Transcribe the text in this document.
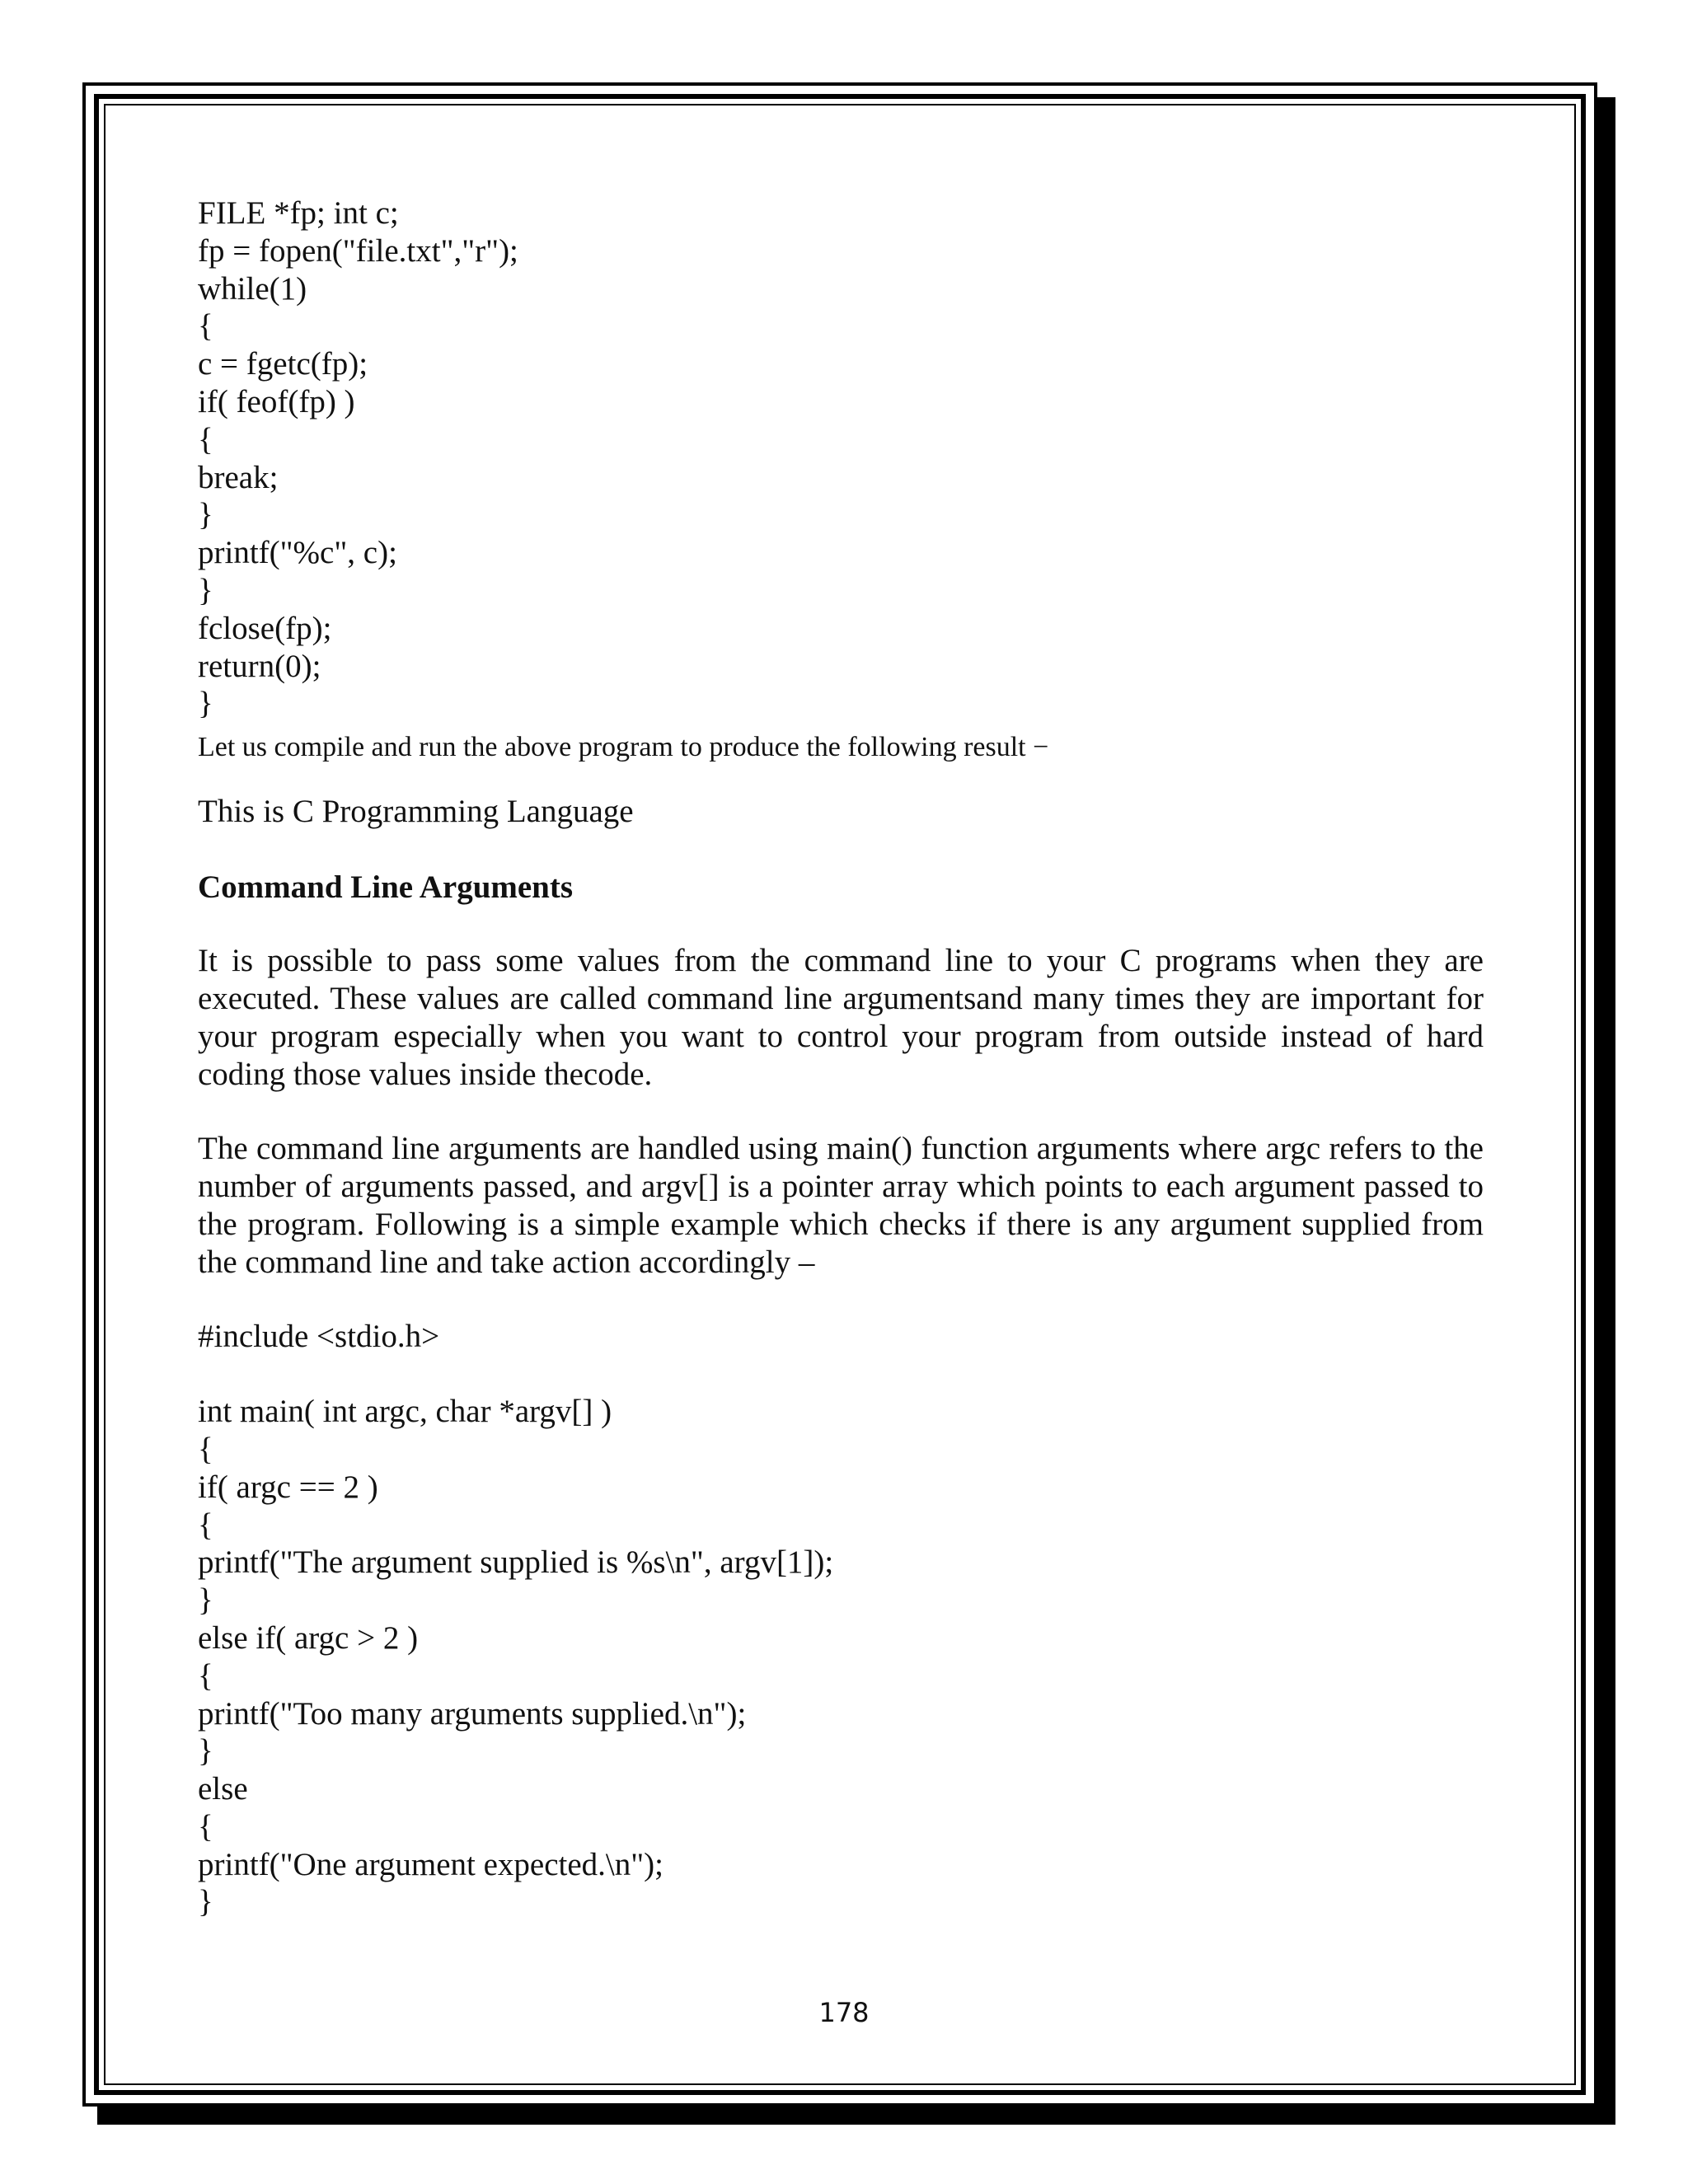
FILE *fp; int c;
fp = fopen("file.txt","r");
while(1)
{
c = fgetc(fp);
if( feof(fp) )
{
break;
}
printf("%c", c);
}
fclose(fp);
return(0);
}
Let us compile and run the above program to produce the following result −
This is C Programming Language
Command Line Arguments
It is possible to pass some values from the command line to your C programs when they are executed. These values are called command line argumentsand many times they are important for your program especially when you want to control your program from outside instead of hard coding those values inside thecode.
The command line arguments are handled using main() function arguments where argc refers to the number of arguments passed, and argv[] is a pointer array which points to each argument passed to the program. Following is a simple example which checks if there is any argument supplied from the command line and take action accordingly –
#include <stdio.h>
int main( int argc, char *argv[] )
{
if( argc == 2 )
{
printf("The argument supplied is %s\n", argv[1]);
}
else if( argc > 2 )
{
printf("Too many arguments supplied.\n");
}
else
{
printf("One argument expected.\n");
}
178
